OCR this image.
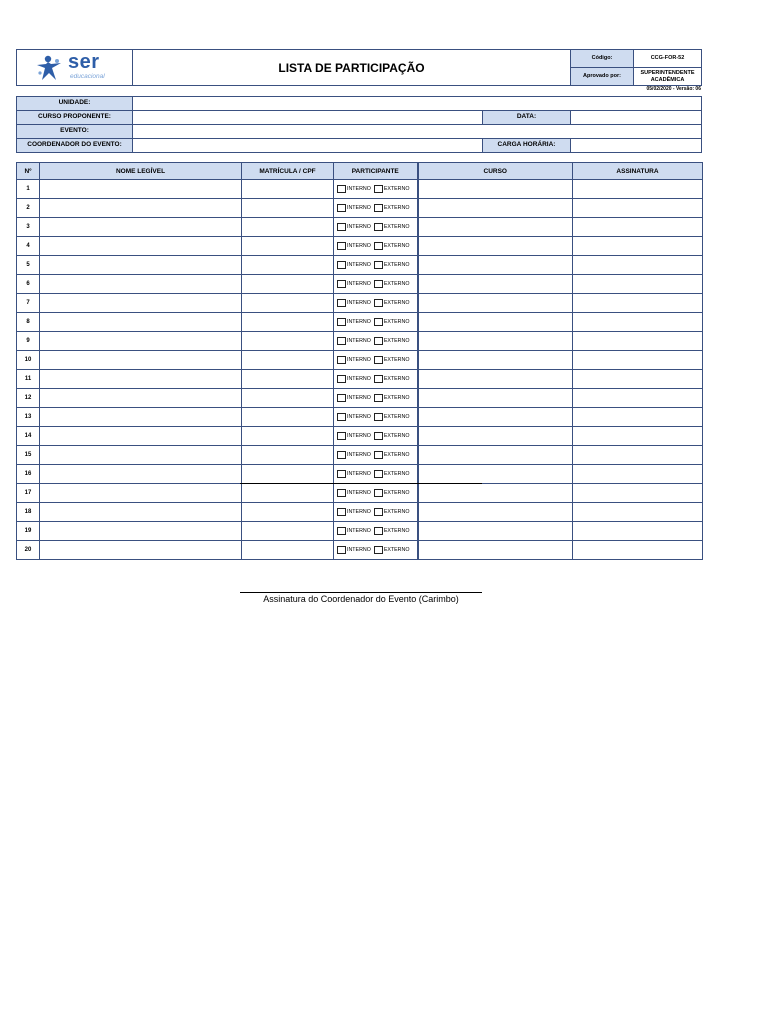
ser
educacional
LISTA DE PARTICIPAÇÃO
Código:	CCG-FOR-52
Aprovado por:
SUPERINTENDENTE ACADÊMICA
05/02/2020 - Versão: 06
UNIDADE:
CURSO PROPONENTE:	DATA:
EVENTO:
COORDENADOR DO EVENTO:	CARGA HORÁRIA:
Nº	NOME LEGÍVEL	MATRÍCULA / CPF	PARTICIPANTE	CURSO	ASSINATURA
1			INTERNO EXTERNO		

2			INTERNO EXTERNO		

3			INTERNO EXTERNO		

4			INTERNO EXTERNO		

5			INTERNO EXTERNO		

6			INTERNO EXTERNO		

7			INTERNO EXTERNO		

8			INTERNO EXTERNO		

9			INTERNO EXTERNO		

10			INTERNO EXTERNO		

11			INTERNO EXTERNO		

12			INTERNO EXTERNO		

13			INTERNO EXTERNO		

14			INTERNO EXTERNO		

15			INTERNO EXTERNO		

16			INTERNO EXTERNO		

17			INTERNO EXTERNO		

18			INTERNO EXTERNO		

19			INTERNO EXTERNO		

20			INTERNO EXTERNO		

Assinatura do Coordenador do Evento (Carimbo)
